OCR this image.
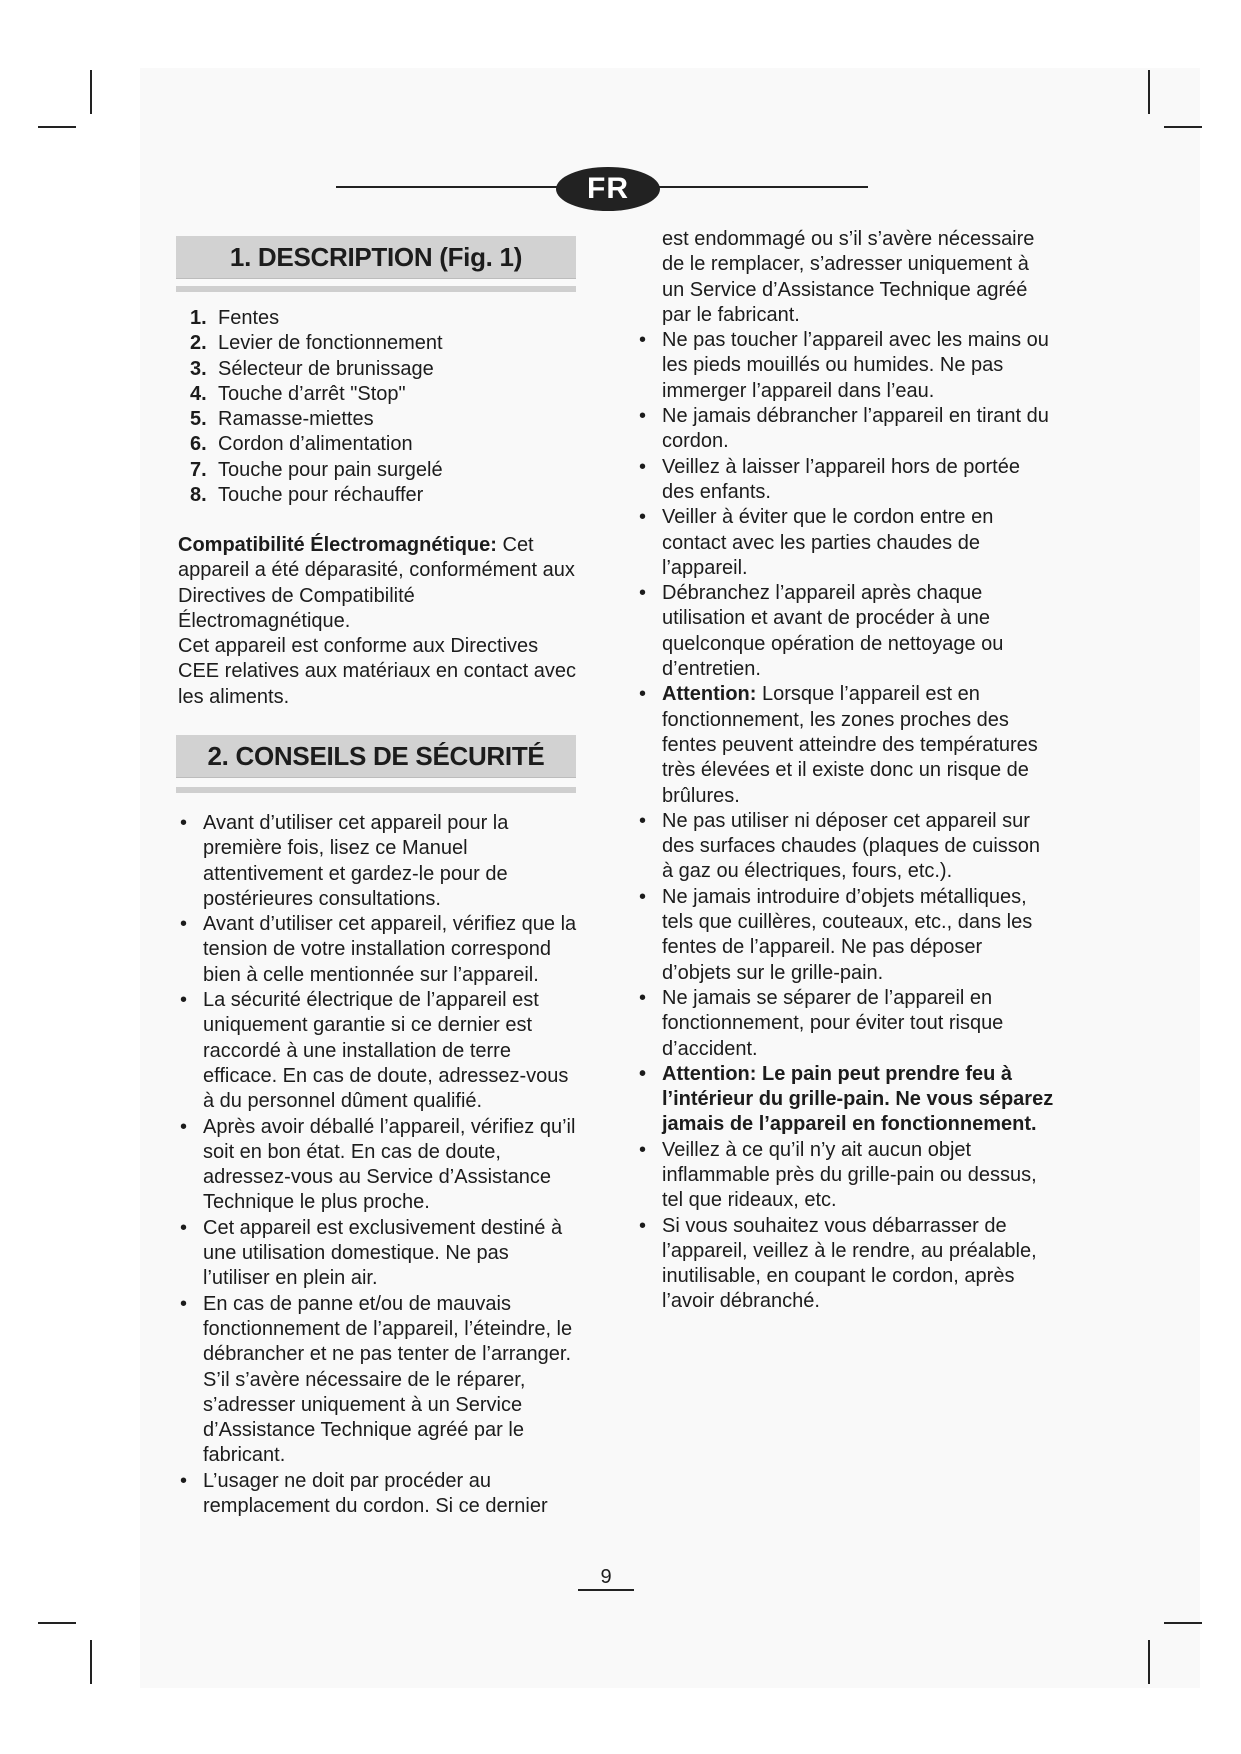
FR
1. DESCRIPTION (Fig. 1)
1. Fentes
2. Levier de fonctionnement
3. Sélecteur de brunissage
4. Touche d’arrêt "Stop"
5. Ramasse-miettes
6. Cordon d’alimentation
7. Touche pour pain surgelé
8. Touche pour réchauffer

Compatibilité Électromagnétique: Cet appareil a été déparasité, conformément aux Directives de Compatibilité Électromagnétique.

Cet appareil est conforme aux Directives CEE relatives aux matériaux en contact avec les aliments.

2. CONSEILS DE SÉCURITÉ
• Avant d’utiliser cet appareil pour la première fois, lisez ce Manuel attentivement et gardez-le pour de postérieures consultations.
• Avant d’utiliser cet appareil, vérifiez que la tension de votre installation correspond bien à celle mentionnée sur l’appareil.
• La sécurité électrique de l’appareil est uniquement garantie si ce dernier est raccordé à une installation de terre efficace. En cas de doute, adressez-vous à du personnel dûment qualifié.
• Après avoir déballé l’appareil, vérifiez qu’il soit en bon état. En cas de doute, adressez-vous au Service d’Assistance Technique le plus proche.
• Cet appareil est exclusivement destiné à une utilisation domestique. Ne pas l’utiliser en plein air.
• En cas de panne et/ou de mauvais fonctionnement de l’appareil, l’éteindre, le débrancher et ne pas tenter de l’arranger. S’il s’avère nécessaire de le réparer, s’adresser uniquement à un Service d’Assistance Technique agréé par le fabricant.
• L’usager ne doit par procéder au remplacement du cordon. Si ce dernier
est endommagé ou s’il s’avère nécessaire de le remplacer, s’adresser uniquement à un Service d’Assistance Technique agréé par le fabricant.
• Ne pas toucher l’appareil avec les mains ou les pieds mouillés ou humides. Ne pas immerger l’appareil dans l’eau.
• Ne jamais débrancher l’appareil en tirant du cordon.
• Veillez à laisser l’appareil hors de portée des enfants.
• Veiller à éviter que le cordon entre en contact avec les parties chaudes de l’appareil.
• Débranchez l’appareil après chaque utilisation et avant de procéder à une quelconque opération de nettoyage ou d’entretien.
• Attention: Lorsque l’appareil est en fonctionnement, les zones proches des fentes peuvent atteindre des températures très élevées et il existe donc un risque de brûlures.
• Ne pas utiliser ni déposer cet appareil sur des surfaces chaudes (plaques de cuisson à gaz ou électriques, fours, etc.).
• Ne jamais introduire d’objets métalliques, tels que cuillères, couteaux, etc., dans les fentes de l’appareil. Ne pas déposer d’objets sur le grille-pain.
• Ne jamais se séparer de l’appareil en fonctionnement, pour éviter tout risque d’accident.
• Attention: Le pain peut prendre feu à l’intérieur du grille-pain. Ne vous séparez jamais de l’appareil en fonctionnement.
• Veillez à ce qu’il n’y ait aucun objet inflammable près du grille-pain ou dessus, tel que rideaux, etc.
• Si vous souhaitez vous débarrasser de l’appareil, veillez à le rendre, au préalable, inutilisable, en coupant le cordon, après l’avoir débranché.
9
